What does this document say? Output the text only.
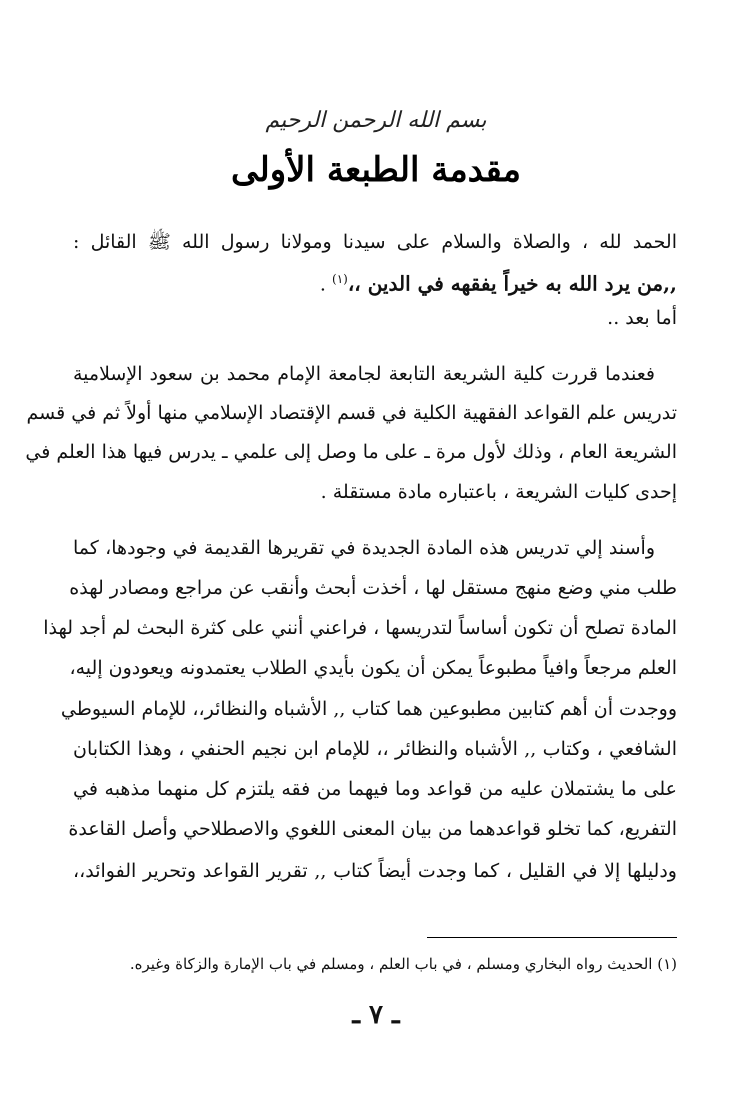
بسم الله الرحمن الرحيم
مقدمة الطبعة الأولى
الحمد لله ، والصلاة والسلام على سيدنا ومولانا رسول الله ﷺ القائل :
,,من يرد الله به خيراً يفقهه في الدين ،،$^{(١)}$ .
أما بعد ..
فعندما قررت كلية الشريعة التابعة لجامعة الإمام محمد بن سعود الإسلامية
تدريس علم القواعد الفقهية الكلية في قسم الإقتصاد الإسلامي منها أولاً ثم في قسم
الشريعة العام ، وذلك لأول مرة ـ على ما وصل إلى علمي ـ يدرس فيها هذا العلم في
إحدى كليات الشريعة ، باعتباره مادة مستقلة .
وأسند إلي تدريس هذه المادة الجديدة في تقريرها القديمة في وجودها، كما
طلب مني وضع منهج مستقل لها ، أخذت أبحث وأنقب عن مراجع ومصادر لهذه
المادة تصلح أن تكون أساساً لتدريسها ، فراعني أنني على كثرة البحث لم أجد لهذا
العلم مرجعاً وافياً مطبوعاً يمكن أن يكون بأيدي الطلاب يعتمدونه ويعودون إليه،
ووجدت أن أهم كتابين مطبوعين هما كتاب ,, الأشباه والنظائر،، للإمام السيوطي
الشافعي ، وكتاب ,, الأشباه والنظائر ،، للإمام ابن نجيم الحنفي ، وهذا الكتابان
على ما يشتملان عليه من قواعد وما فيهما من فقه يلتزم كل منهما مذهبه في
التفريع، كما تخلو قواعدهما من بيان المعنى اللغوي والاصطلاحي وأصل القاعدة
ودليلها إلا في القليل ، كما وجدت أيضاً كتاب ,, تقرير القواعد وتحرير الفوائد،،
(١) الحديث رواه البخاري ومسلم ، في باب العلم ، ومسلم في باب الإمارة والزكاة وغيره.
ـ ٧ ـ
